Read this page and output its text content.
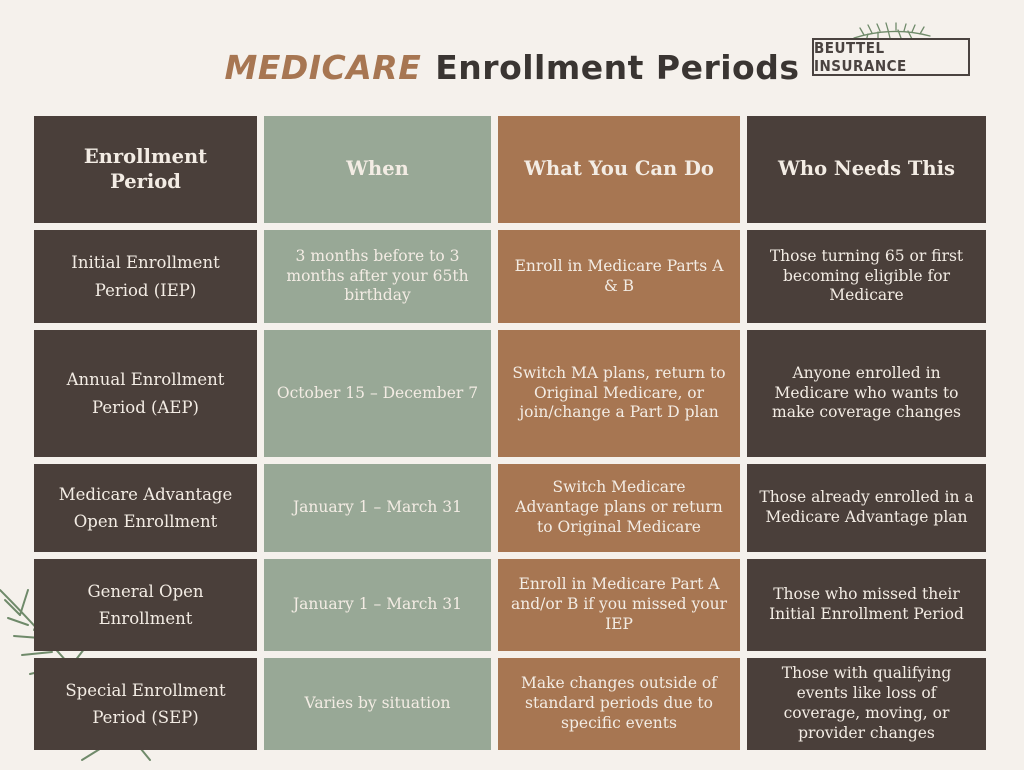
MEDICARE Enrollment Periods BEUTTEL INSURANCE
Enrollment Period
When	What You Can Do	Who Needs This
Initial Enrollment Period (IEP)
3 months before to 3 months after your 65th birthday
Enroll in Medicare Parts A & B
Those turning 65 or first becoming eligible for Medicare
Annual Enrollment Period (AEP)
October 15 – December 7
Switch MA plans, return to Original Medicare, or join/change a Part D plan
Anyone enrolled in Medicare who wants to make coverage changes
Medicare Advantage Open Enrollment
January 1 – March 31
Switch Medicare Advantage plans or return to Original Medicare
Those already enrolled in a Medicare Advantage plan
General Open Enrollment
January 1 – March 31
Enroll in Medicare Part A and/or B if you missed your IEP
Those who missed their Initial Enrollment Period
Special Enrollment Period (SEP)
Varies by situation
Make changes outside of standard periods due to specific events
Those with qualifying events like loss of coverage, moving, or provider changes
